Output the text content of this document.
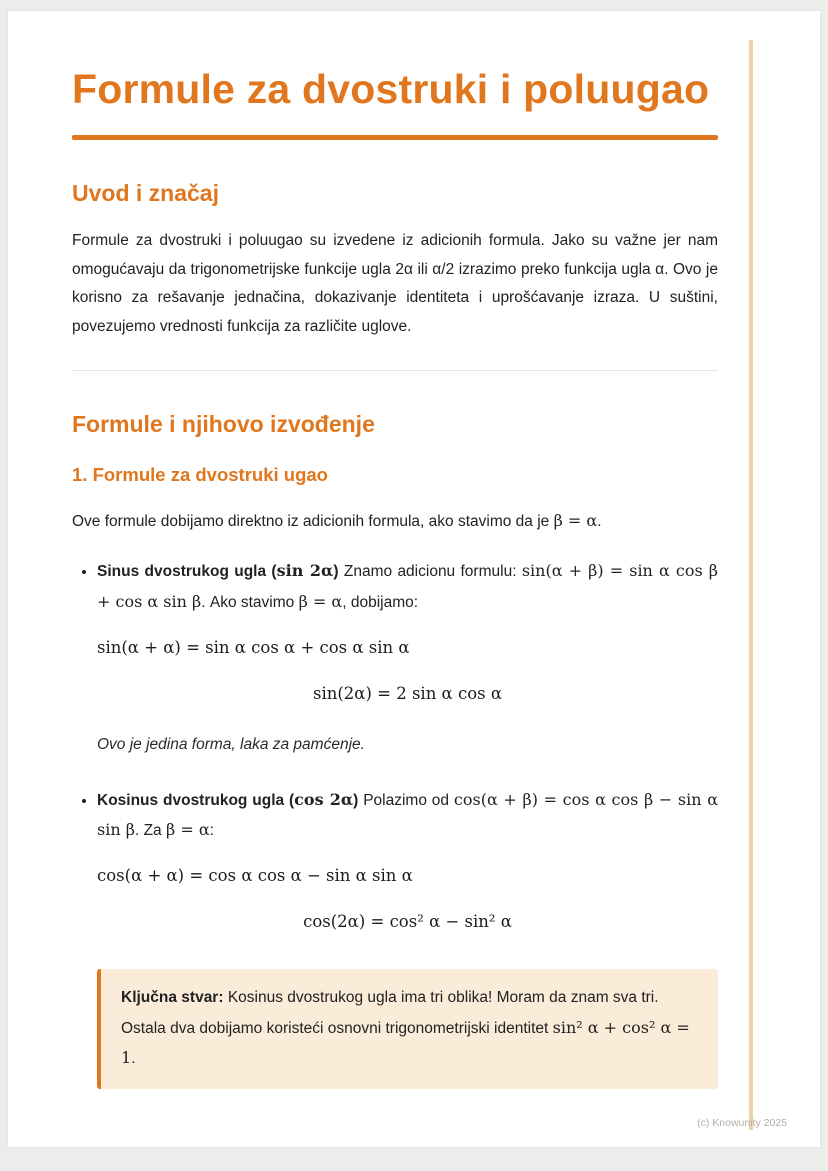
Formule za dvostruki i poluugao
Uvod i značaj

Formule za dvostruki i poluugao su izvedene iz adicionih formula. Jako su važne jer nam omogućavaju da trigonometrijske funkcije ugla 2α ili α/2 izrazimo preko funkcija ugla α. Ovo je korisno za rešavanje jednačina, dokazivanje identiteta i uprošćavanje izraza. U suštini, povezujemo vrednosti funkcija za različite uglove.

Formule i njihovo izvođenje
1. Formule za dvostruki ugao

Ove formule dobijamo direktno iz adicionih formula, ako stavimo da je β = α.

• Sinus dvostrukog ugla (sin 2α) Znamo adicionu formulu: sin(α + β) = sin α cos β + cos α sin β. Ako stavimo β = α, dobijamo:

sin(α + α) = sin α cos α + cos α sin α
sin(2α) = 2 sin α cos α

Ovo je jedina forma, laka za pamćenje.

• Kosinus dvostrukog ugla (cos 2α) Polazimo od cos(α + β) = cos α cos β − sin α sin β. Za β = α:

cos(α + α) = cos α cos α − sin α sin α
cos(2α) = cos² α − sin² α

Ključna stvar: Kosinus dvostrukog ugla ima tri oblika! Moram da znam sva tri. Ostala dva dobijamo koristeći osnovni trigonometrijski identitet sin² α + cos² α = 1.

(c) Knowunity 2025
